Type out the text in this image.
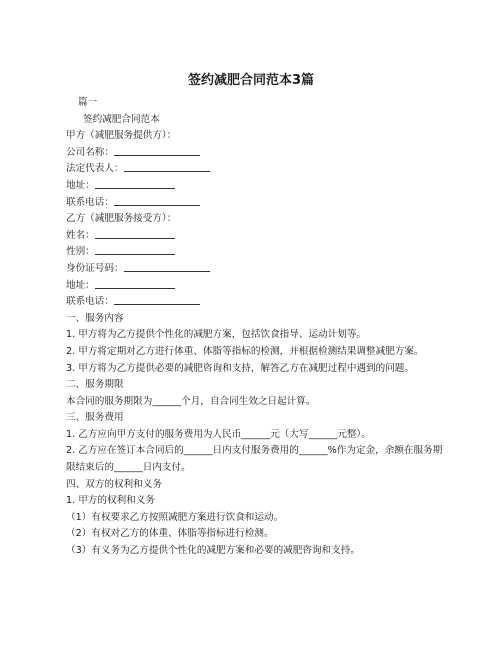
签约减肥合同范本3篇
篇一
签约减肥合同范本
甲方（减肥服务提供方）：
公司名称：
法定代表人：
地址：
联系电话：
乙方（减肥服务接受方）：
姓名：
性别：
身份证号码：
地址：
联系电话：
一、服务内容
1. 甲方将为乙方提供个性化的减肥方案，包括饮食指导、运动计划等。
2. 甲方将定期对乙方进行体重、体脂等指标的检测，并根据检测结果调整减肥方案。
3. 甲方将为乙方提供必要的减肥咨询和支持，解答乙方在减肥过程中遇到的问题。
二、服务期限
本合同的服务期限为______个月，自合同生效之日起计算。
三、服务费用
1. 乙方应向甲方支付的服务费用为人民币______元（大写______元整）。
2. 乙方应在签订本合同后的______日内支付服务费用的______%作为定金，余额在服务期限结束后的______日内支付。
四、双方的权利和义务
1. 甲方的权利和义务
（1）有权要求乙方按照减肥方案进行饮食和运动。
（2）有权对乙方的体重、体脂等指标进行检测。
（3）有义务为乙方提供个性化的减肥方案和必要的减肥咨询和支持。
